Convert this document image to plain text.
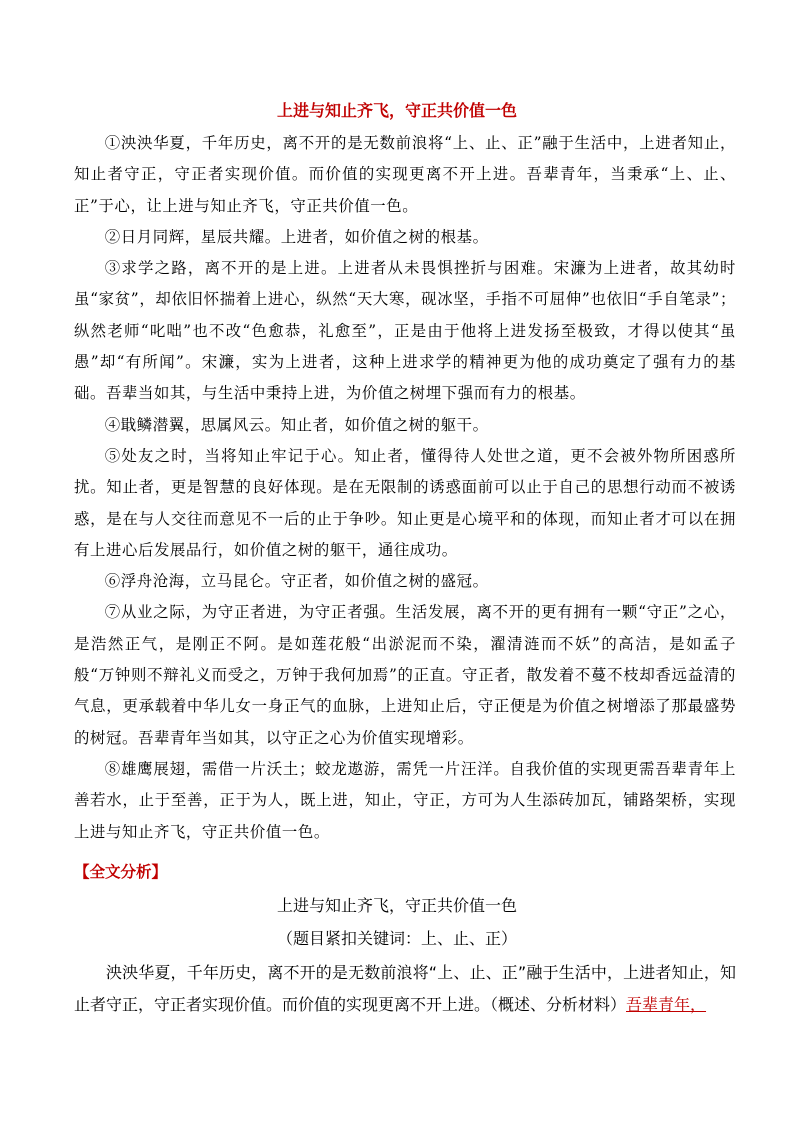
上进与知止齐飞，守正共价值一色

①泱泱华夏，千年历史，离不开的是无数前浪将“上、止、正”融于生活中，上进者知止，知止者守正，守正者实现价值。而价值的实现更离不开上进。吾辈青年，当秉承“上、止、正”于心，让上进与知止齐飞，守正共价值一色。

②日月同辉，星辰共耀。上进者，如价值之树的根基。

③求学之路，离不开的是上进。上进者从未畏惧挫折与困难。宋濂为上进者，故其幼时虽“家贫”，却依旧怀揣着上进心，纵然“天大寒，砚冰坚，手指不可屈伸”也依旧“手自笔录”；纵然老师“叱咄”也不改“色愈恭，礼愈至”，正是由于他将上进发扬至极致，才得以使其“虽愚”却“有所闻”。宋濂，实为上进者，这种上进求学的精神更为他的成功奠定了强有力的基础。吾辈当如其，与生活中秉持上进，为价值之树埋下强而有力的根基。

④戢鳞潜翼，思属风云。知止者，如价值之树的躯干。

⑤处友之时，当将知止牢记于心。知止者，懂得待人处世之道，更不会被外物所困惑所扰。知止者，更是智慧的良好体现。是在无限制的诱惑面前可以止于自己的思想行动而不被诱惑，是在与人交往而意见不一后的止于争吵。知止更是心境平和的体现，而知止者才可以在拥有上进心后发展品行，如价值之树的躯干，通往成功。

⑥浮舟沧海，立马昆仑。守正者，如价值之树的盛冠。

⑦从业之际，为守正者进，为守正者强。生活发展，离不开的更有拥有一颗“守正”之心，是浩然正气，是刚正不阿。是如莲花般“出淤泥而不染，濯清涟而不妖”的高洁，是如孟子般“万钟则不辩礼义而受之，万钟于我何加焉”的正直。守正者，散发着不蔓不枝却香远益清的气息，更承载着中华儿女一身正气的血脉，上进知止后，守正便是为价值之树增添了那最盛势的树冠。吾辈青年当如其，以守正之心为价值实现增彩。

⑧雄鹰展翅，需借一片沃土；蛟龙遨游，需凭一片汪洋。自我价值的实现更需吾辈青年上善若水，止于至善，正于为人，既上进，知止，守正，方可为人生添砖加瓦，铺路架桥，实现上进与知止齐飞，守正共价值一色。

【全文分析】
上进与知止齐飞，守正共价值一色
（题目紧扣关键词：上、止、正）

泱泱华夏，千年历史，离不开的是无数前浪将“上、止、正”融于生活中，上进者知止，知止者守正，守正者实现价值。而价值的实现更离不开上进。（概述、分析材料）吾辈青年，
